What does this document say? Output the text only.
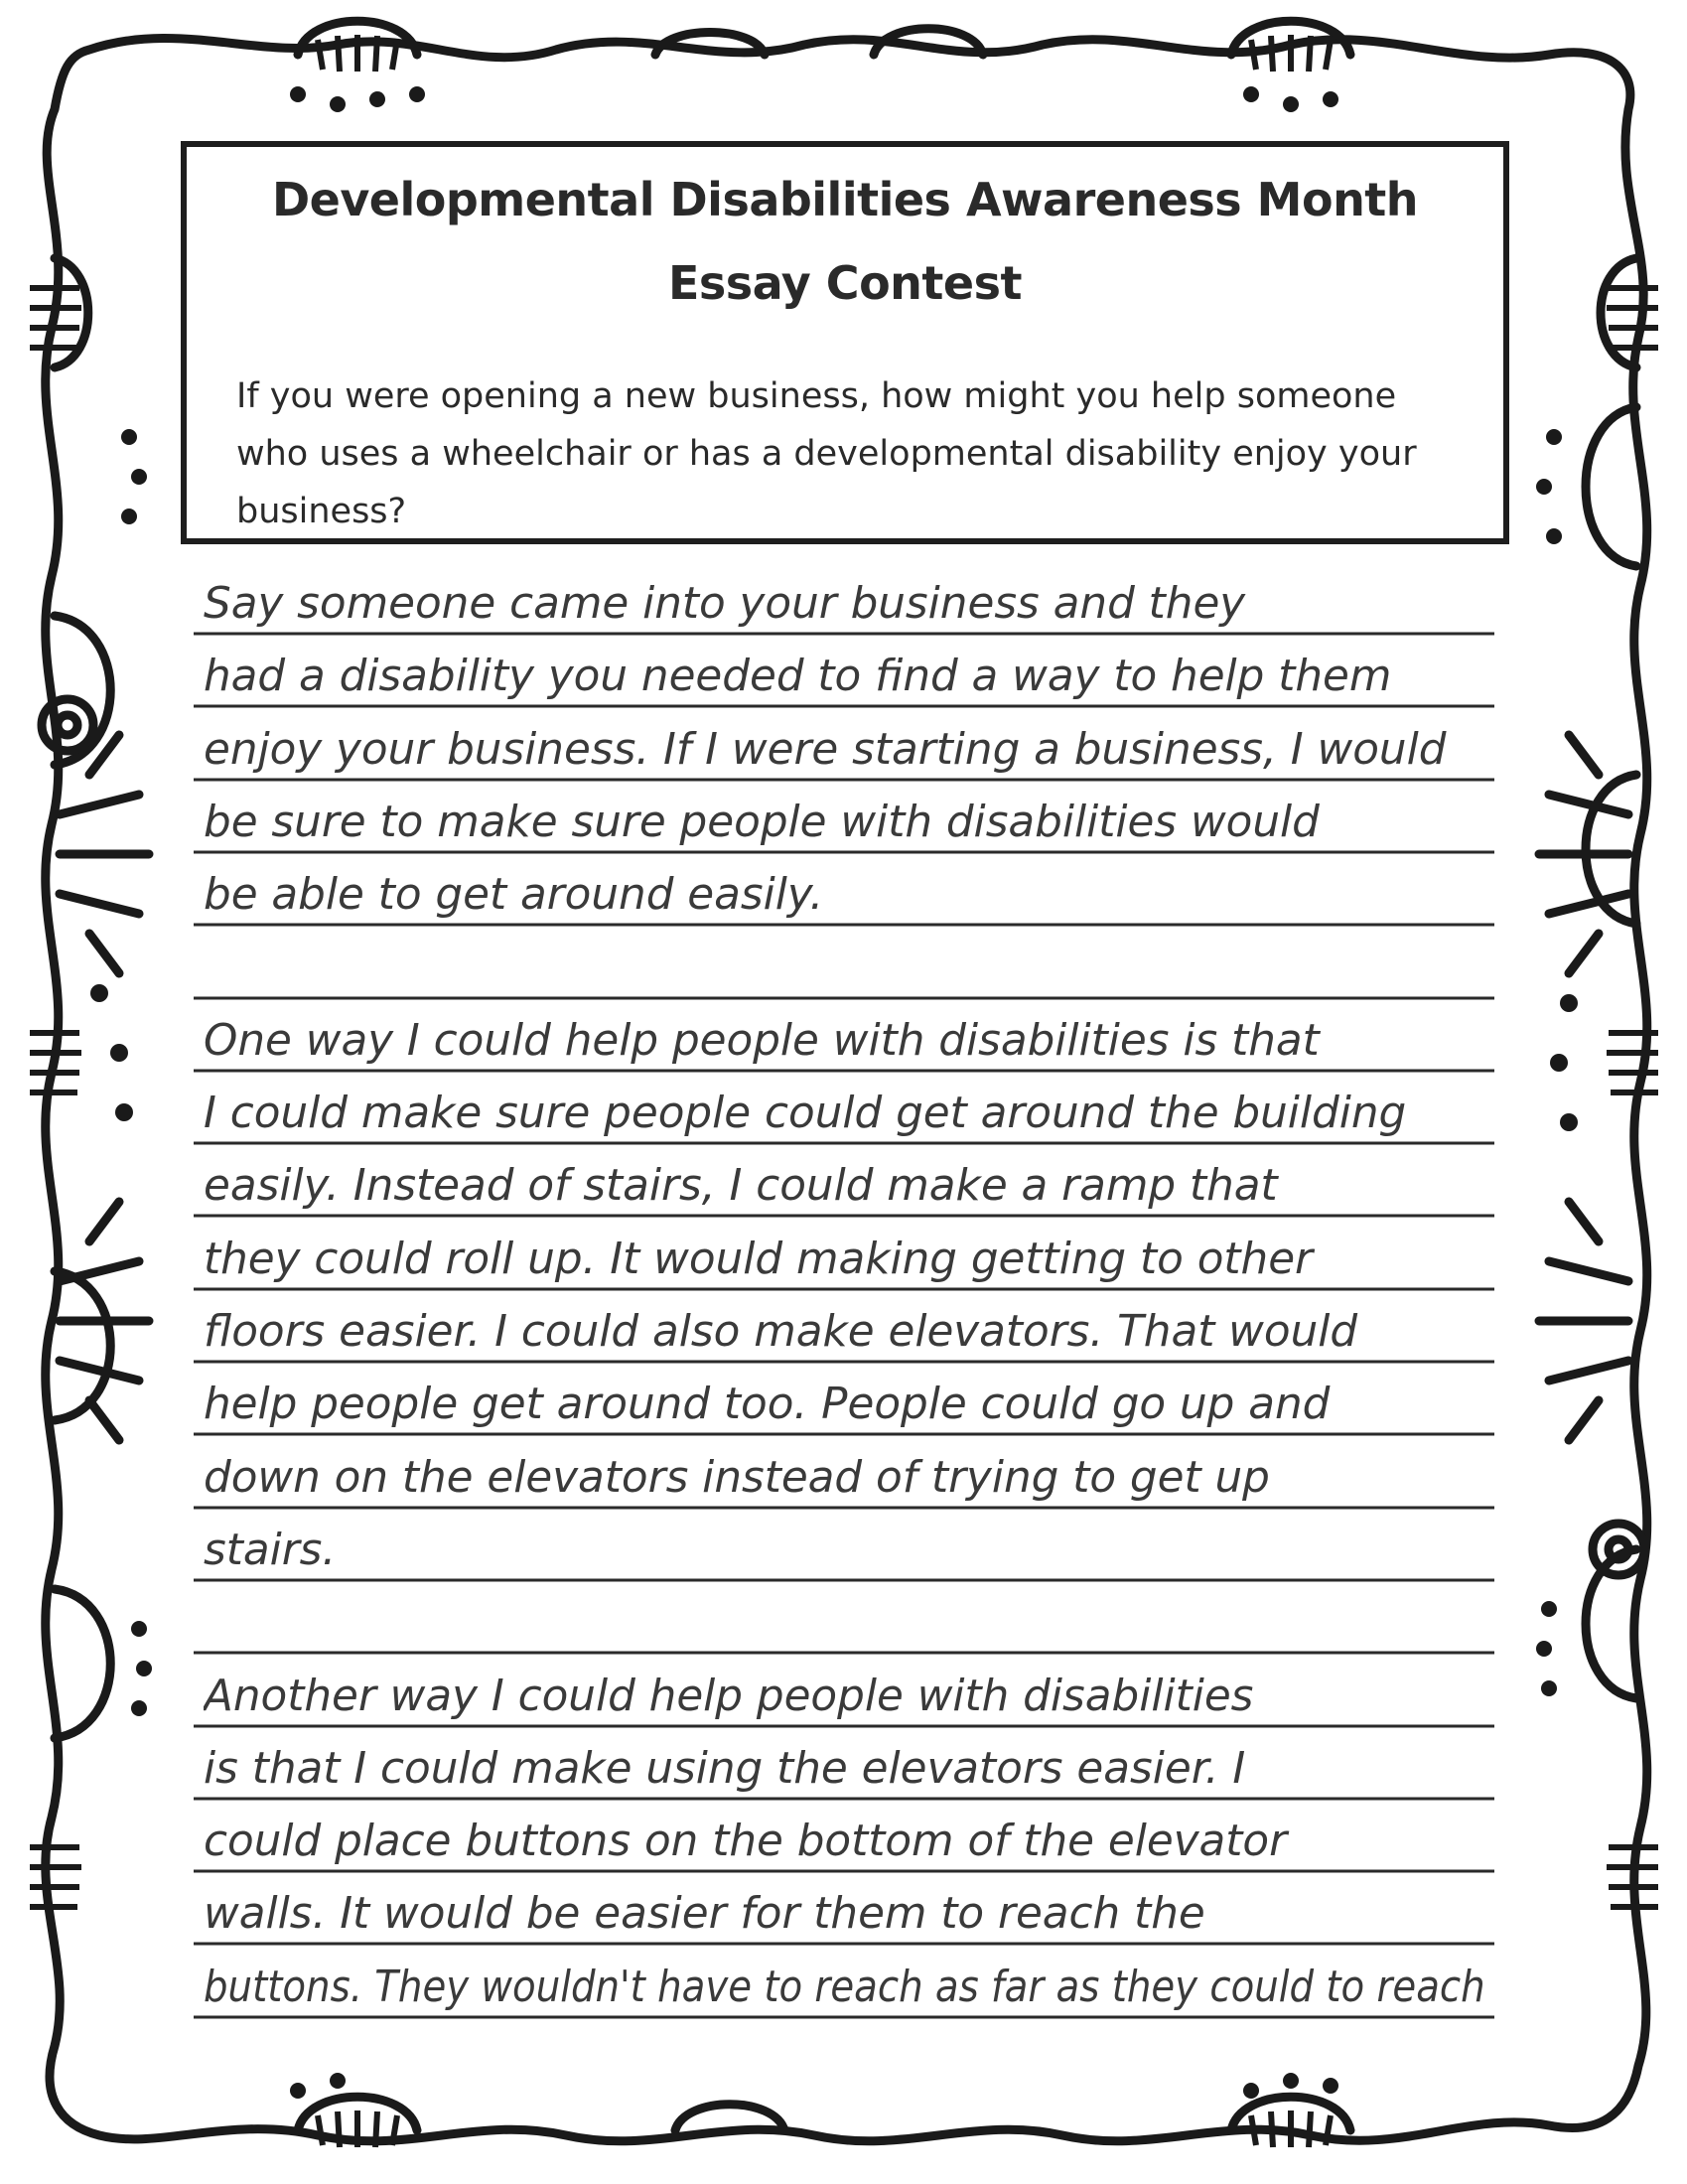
Developmental Disabilities Awareness Month
Essay Contest
If you were opening a new business, how might you help someone who uses a wheelchair or has a developmental disability enjoy your business?
Say someone came into your business and they
had a disability you needed to find a way to help them
enjoy your business. If I were starting a business, I would
be sure to make sure people with disabilities would
be able to get around easily.
One way I could help people with disabilities is that
I could make sure people could get around the building
easily. Instead of stairs, I could make a ramp that
they could roll up. It would making getting to other
floors easier. I could also make elevators. That would
help people get around too. People could go up and
down on the elevators instead of trying to get up
stairs.
Another way I could help people with disabilities
is that I could make using the elevators easier. I
could place buttons on the bottom of the elevator
walls. It would be easier for them to reach the
buttons. They wouldn't have to reach as far as they could to reach
